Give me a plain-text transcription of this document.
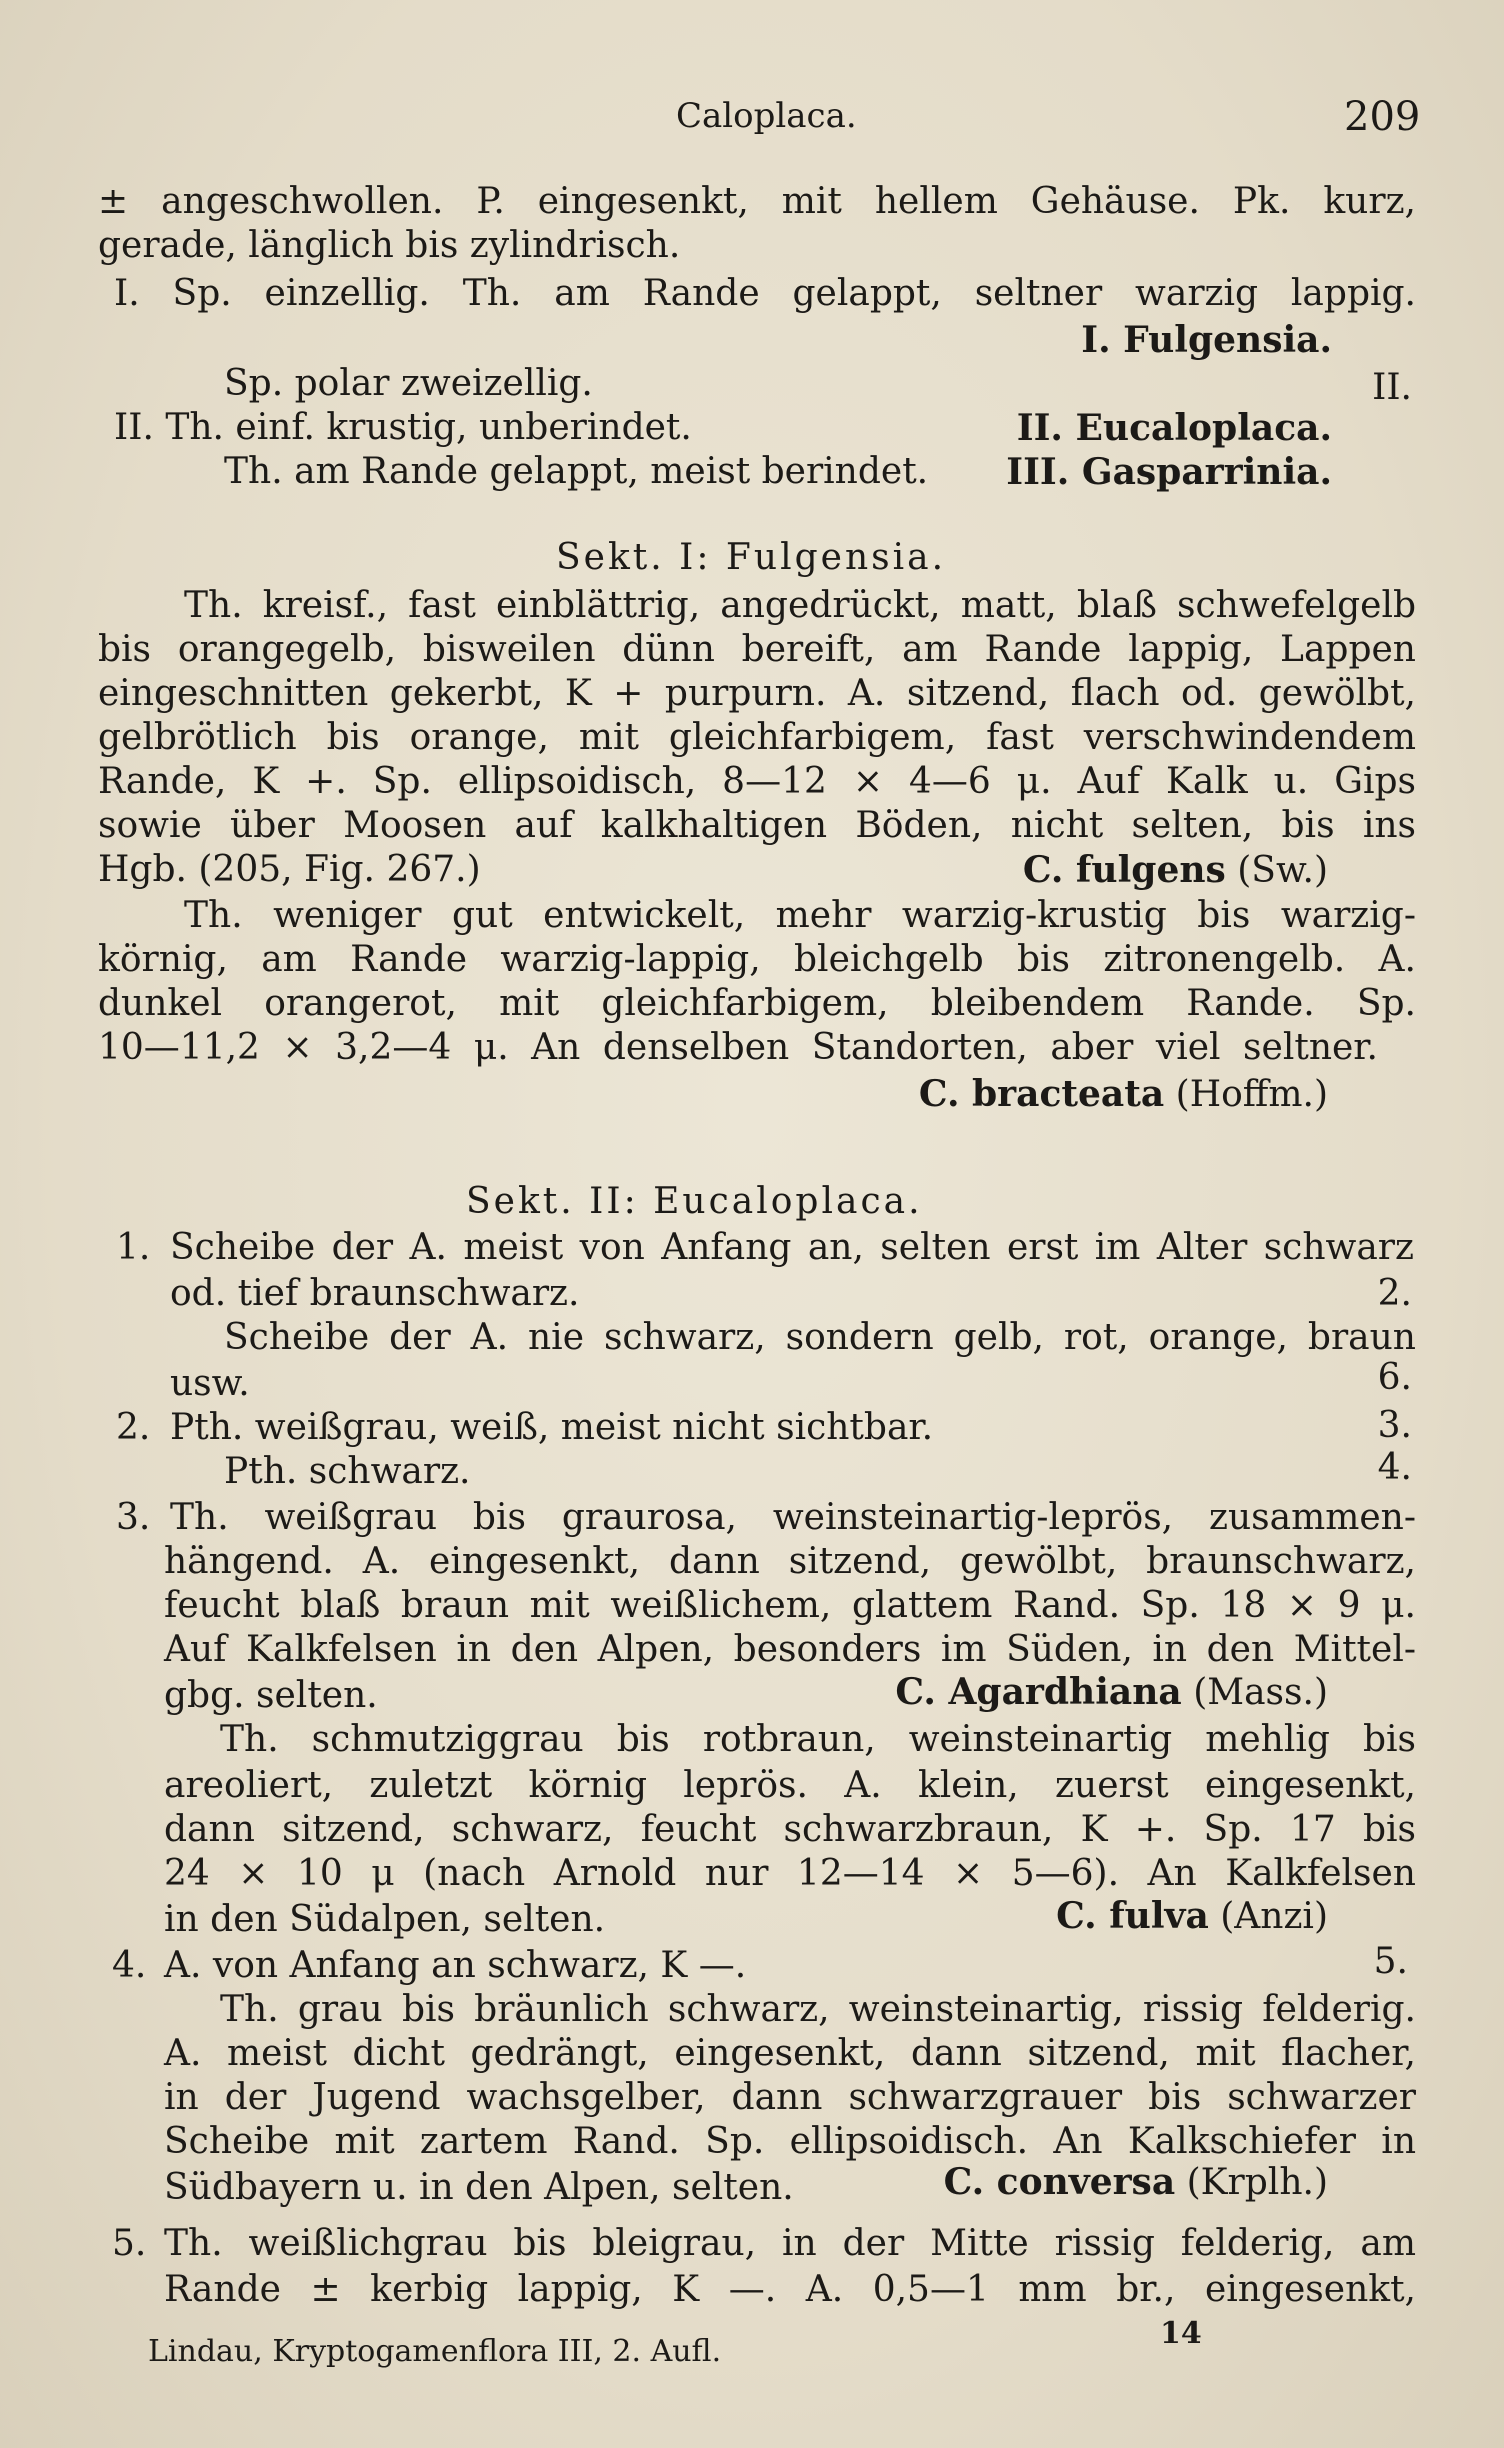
Caloplaca.	209
± angeschwollen. P. eingesenkt, mit hellem Gehäuse. Pk. kurz,
gerade, länglich bis zylindrisch.
I. Sp. einzellig. Th. am Rande gelappt, seltner warzig lappig.
I. Fulgensia.
Sp. polar zweizellig.	II.
II. Th. einf. krustig, unberindet.	II. Eucaloplaca.
Th. am Rande gelappt, meist berindet. III. Gasparrinia.
Sekt. I: Fulgensia.
Th. kreisf., fast einblättrig, angedrückt, matt, blaß schwefelgelb
bis orangegelb, bisweilen dünn bereift, am Rande lappig, Lappen
eingeschnitten gekerbt, K + purpurn. A. sitzend, flach od. gewölbt,
gelbrötlich bis orange, mit gleichfarbigem, fast verschwindendem
Rande, K +. Sp. ellipsoidisch, 8—12 × 4—6 μ. Auf Kalk u. Gips
sowie über Moosen auf kalkhaltigen Böden, nicht selten, bis ins
Hgb. (205, Fig. 267.)	C. fulgens (Sw.)
Th. weniger gut entwickelt, mehr warzig-krustig bis warzig-
körnig, am Rande warzig-lappig, bleichgelb bis zitronengelb. A.
dunkel orangerot, mit gleichfarbigem, bleibendem Rande. Sp.
10—11,2 × 3,2—4 μ. An denselben Standorten, aber viel seltner.
C. bracteata (Hoffm.)
Sekt. II: Eucaloplaca.
1. Scheibe der A. meist von Anfang an, selten erst im Alter schwarz
od. tief braunschwarz.	2.
Scheibe der A. nie schwarz, sondern gelb, rot, orange, braun
usw.	6.
2. Pth. weißgrau, weiß, meist nicht sichtbar.	3.
Pth. schwarz.	4.
3. Th. weißgrau bis graurosa, weinsteinartig-leprös, zusammen-
hängend. A. eingesenkt, dann sitzend, gewölbt, braunschwarz,
feucht blaß braun mit weißlichem, glattem Rand. Sp. 18 × 9 μ.
Auf Kalkfelsen in den Alpen, besonders im Süden, in den Mittel-
gbg. selten.	C. Agardhiana (Mass.)
Th. schmutziggrau bis rotbraun, weinsteinartig mehlig bis
areoliert, zuletzt körnig leprös. A. klein, zuerst eingesenkt,
dann sitzend, schwarz, feucht schwarzbraun, K +. Sp. 17 bis
24 × 10 μ (nach Arnold nur 12—14 × 5—6). An Kalkfelsen
in den Südalpen, selten.	C. fulva (Anzi)
4. A. von Anfang an schwarz, K —.	5.
Th. grau bis bräunlich schwarz, weinsteinartig, rissig felderig.
A. meist dicht gedrängt, eingesenkt, dann sitzend, mit flacher,
in der Jugend wachsgelber, dann schwarzgrauer bis schwarzer
Scheibe mit zartem Rand. Sp. ellipsoidisch. An Kalkschiefer in
Südbayern u. in den Alpen, selten.	C. conversa (Krplh.)
5. Th. weißlichgrau bis bleigrau, in der Mitte rissig felderig, am
Rande ± kerbig lappig, K —. A. 0,5—1 mm br., eingesenkt,
Lindau, Kryptogamenflora III, 2. Aufl.
14
